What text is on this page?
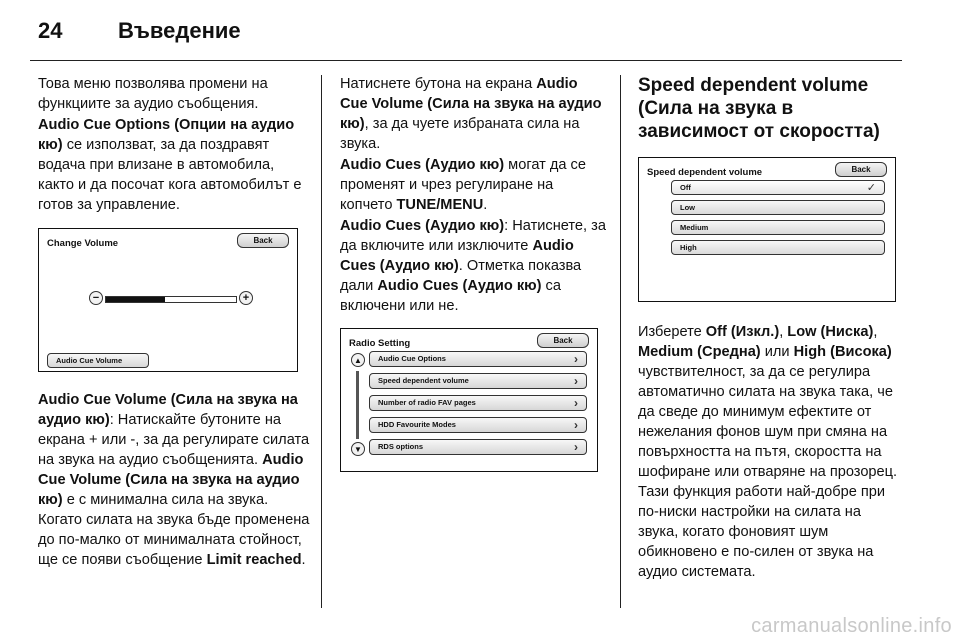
24	Въведение

Това меню позволява промени на функциите за аудио съобщения.

Audio Cue Options (Опции на аудио кю) се използват, за да поздравят водача при влизане в автомобила, както и да посочат кога автомобилът е готов за управление.

Change Volume	Back
−	+
Audio Cue Volume

Audio Cue Volume (Сила на звука на аудио кю): Натискайте бутоните на екрана + или -, за да регулирате силата на звука на аудио съобщенията. Audio Cue Volume (Сила на звука на аудио кю) е с минимална сила на звука. Когато силата на звука бъде променена до по-малко от минималната стойност, ще се появи съобщение Limit reached.

Натиснете бутона на екрана Audio Cue Volume (Сила на звука на аудио кю), за да чуете избраната сила на звука.

Audio Cues (Аудио кю) могат да се променят и чрез регулиране на копчето TUNE/MENU.

Audio Cues (Аудио кю): Натиснете, за да включите или изключите Audio Cues (Аудио кю). Отметка показва дали Audio Cues (Аудио кю) са включени или не.

Radio Setting	Back
▲
▼
Audio Cue Options	›
Speed dependent volume	›
Number of radio FAV pages	›
HDD Favourite Modes	›
RDS options	›
Speed dependent volume (Сила на звука в зависимост от скоростта)
Speed dependent volume	Back
Off	✓
Low
Medium
High

Изберете Off (Изкл.), Low (Ниска), Medium (Средна) или High (Висока) чувствителност, за да се регулира автоматично силата на звука така, че да сведе до минимум ефектите от нежелания фонов шум при смяна на повърхността на пътя, скоростта на шофиране или отваряне на прозорец. Тази функция работи най-добре при по-ниски настройки на силата на звука, когато фоновият шум обикновено е по-силен от звука на аудио системата.

carmanualsonline.info
